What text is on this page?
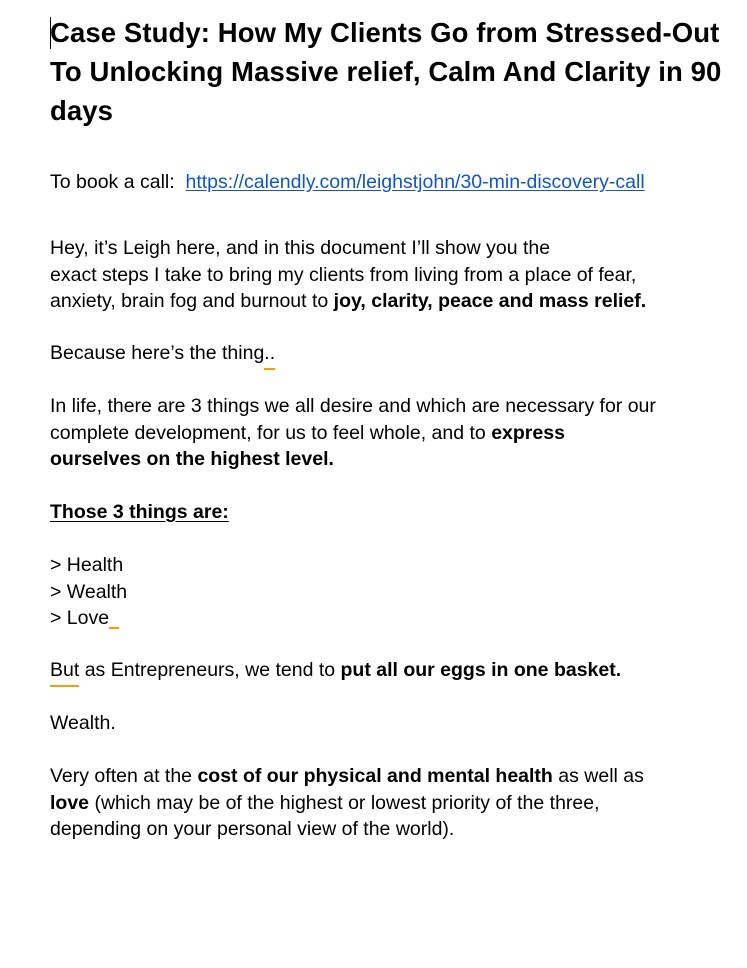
Case Study: How My Clients Go from Stressed-Out To Unlocking Massive relief, Calm And Clarity in 90 days

To book a call: https://calendly.com/leighstjohn/30-min-discovery-call

Hey, it’s Leigh here, and in this document I’ll show you the
exact steps I take to bring my clients from living from a place of fear,
anxiety, brain fog and burnout to joy, clarity, peace and mass relief.

Because here’s the thing..

In life, there are 3 things we all desire and which are necessary for our
complete development, for us to feel whole, and to express
ourselves on the highest level.

Those 3 things are:

> Health
> Wealth
> Love

But as Entrepreneurs, we tend to put all our eggs in one basket.

Wealth.

Very often at the cost of our physical and mental health as well as
love (which may be of the highest or lowest priority of the three,
depending on your personal view of the world).
